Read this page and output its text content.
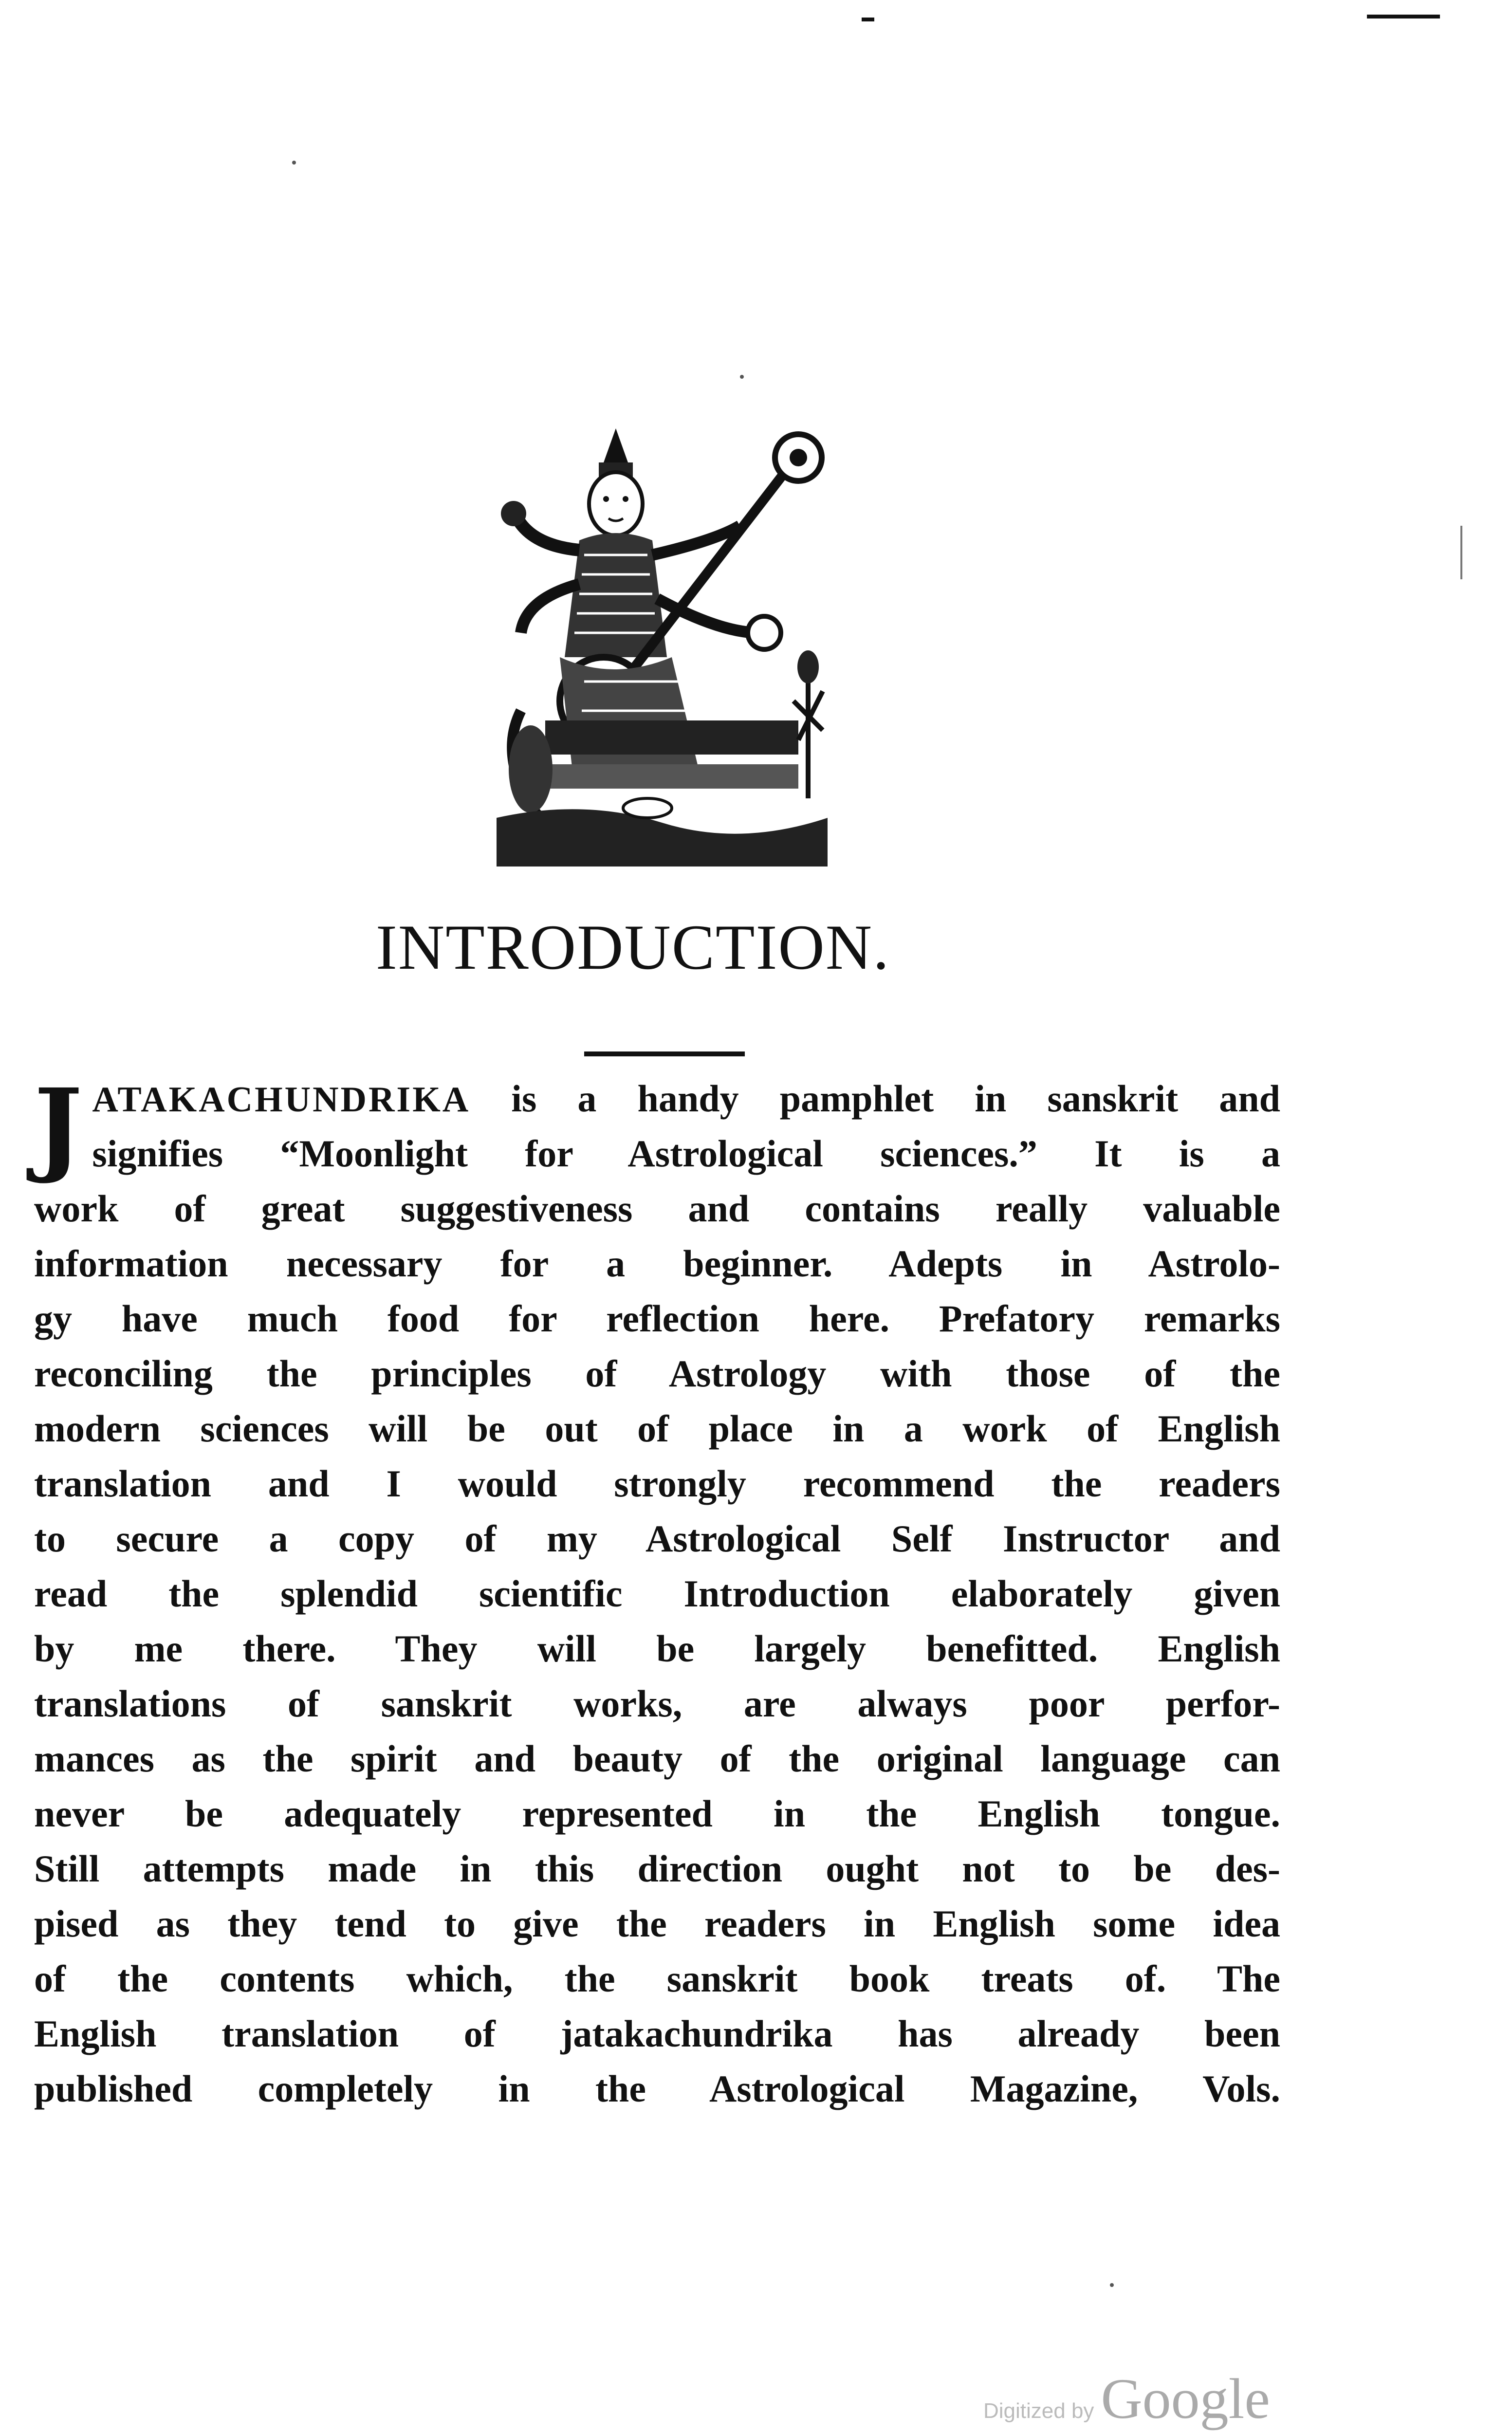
INTRODUCTION.
J ATAKACHUNDRIKA is a handy pamphlet in sanskrit and
signifies “Moonlight for Astrological sciences.” It is a
work of great suggestiveness and contains really valuable
information necessary for a beginner. Adepts in Astrolo-
gy have much food for reflection here. Prefatory remarks
reconciling the principles of Astrology with those of the
modern sciences will be out of place in a work of English
translation and I would strongly recommend the readers
to secure a copy of my Astrological Self Instructor and
read the splendid scientific Introduction elaborately given
by me there. They will be largely benefitted. English
translations of sanskrit works, are always poor perfor-
mances as the spirit and beauty of the original language can
never be adequately represented in the English tongue.
Still attempts made in this direction ought not to be des-
pised as they tend to give the readers in English some idea
of the contents which, the sanskrit book treats of. The
English translation of jatakachundrika has already been
published completely in the Astrological Magazine, Vols.
Digitized by Google
